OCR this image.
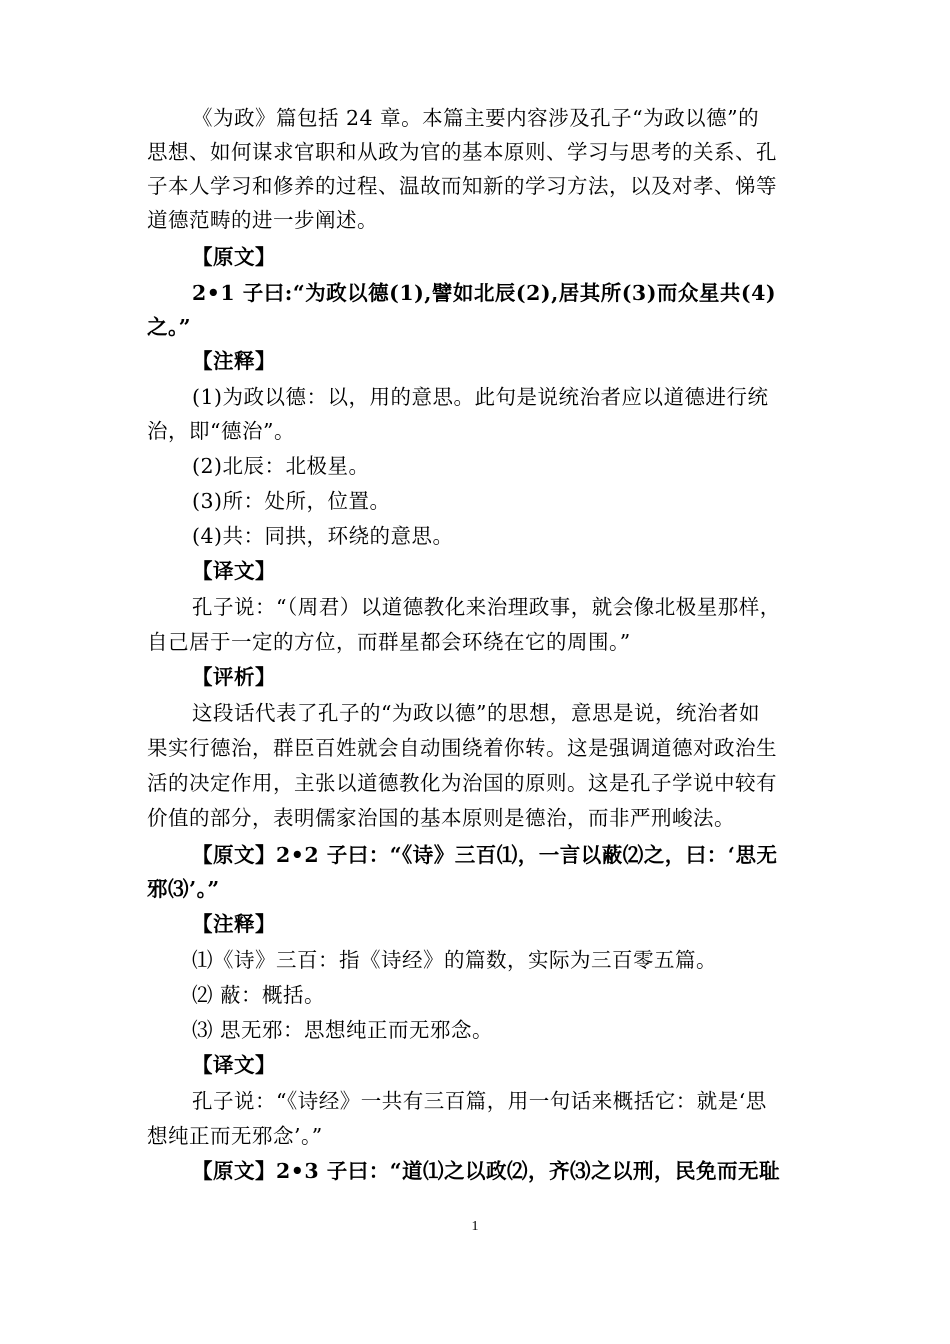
《为政》篇包括 24 章。本篇主要内容涉及孔子“为政以德”的
思想、如何谋求官职和从政为官的基本原则、学习与思考的关系、孔
子本人学习和修养的过程、温故而知新的学习方法，以及对孝、悌等
道德范畴的进一步阐述。
【原文】
2•1 子曰:“为政以德(1),譬如北辰(2),居其所(3)而众星共(4)
之。”
【注释】
(1)为政以德：以，用的意思。此句是说统治者应以道德进行统
治，即“德治”。
(2)北辰：北极星。
(3)所：处所，位置。
(4)共：同拱，环绕的意思。
【译文】
孔子说：“（周君）以道德教化来治理政事，就会像北极星那样，
自己居于一定的方位，而群星都会环绕在它的周围。”
【评析】
这段话代表了孔子的“为政以德”的思想，意思是说，统治者如
果实行德治，群臣百姓就会自动围绕着你转。这是强调道德对政治生
活的决定作用，主张以道德教化为治国的原则。这是孔子学说中较有
价值的部分，表明儒家治国的基本原则是德治，而非严刑峻法。
【原文】2•2 子曰：“《诗》三百⑴，一言以蔽⑵之，曰：‘思无
邪⑶’。”
【注释】
⑴《诗》三百：指《诗经》的篇数，实际为三百零五篇。
⑵ 蔽：概括。
⑶ 思无邪：思想纯正而无邪念。
【译文】
孔子说：“《诗经》一共有三百篇，用一句话来概括它：就是‘思
想纯正而无邪念’。”
【原文】2•3 子曰：“道⑴之以政⑵，齐⑶之以刑，民免而无耻
1
